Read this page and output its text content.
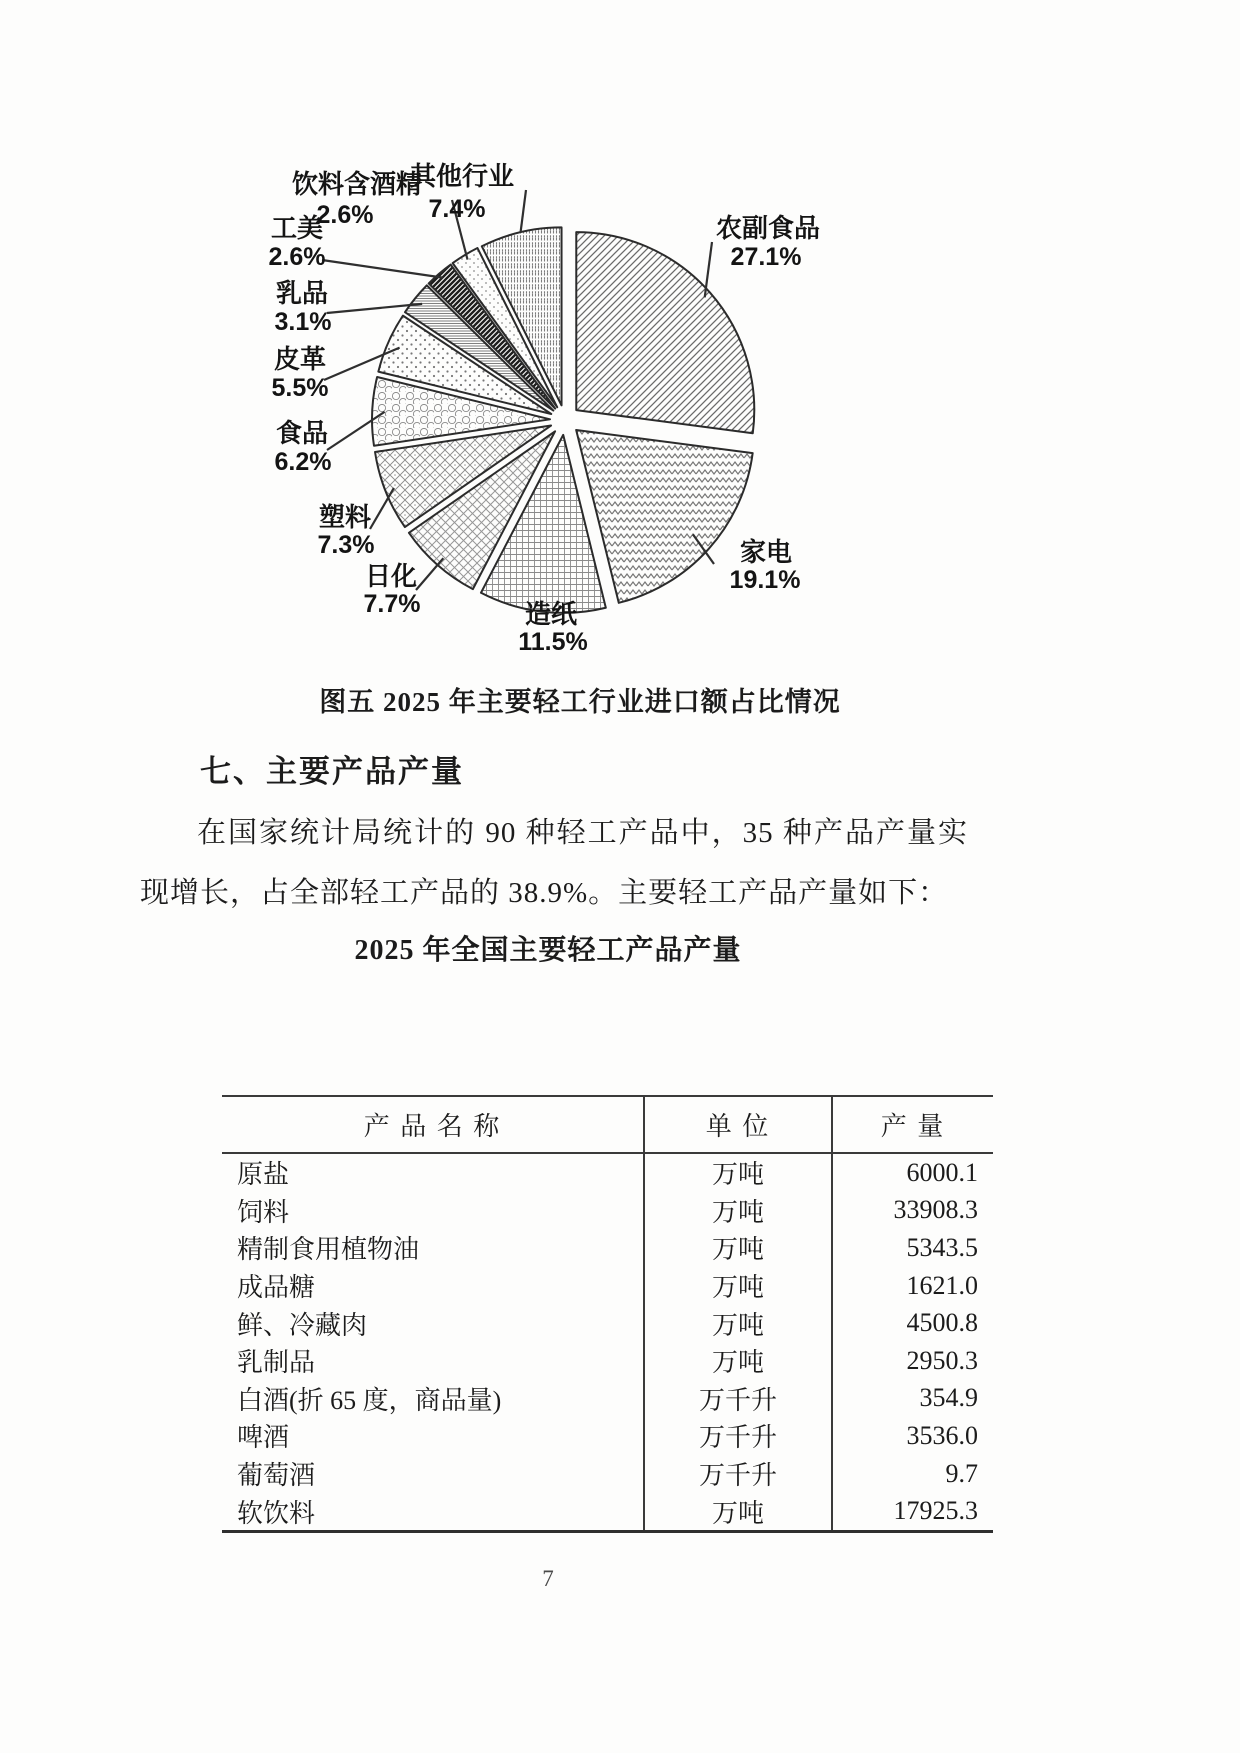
农副食品
27.1%
家电
19.1%
造纸
11.5%
日化
7.7%
塑料
7.3%
食品
6.2%
皮革
5.5%
乳品
3.1%
工美
2.6%
饮料含酒精
2.6%
其他行业
7.4%
图五 2025 年主要轻工行业进口额占比情况
七、主要产品产量
在国家统计局统计的 90 种轻工产品中，35 种产品产量实
现增长，占全部轻工产品的 38.9%。主要轻工产品产量如下：
2025 年全国主要轻工产品产量
产 品 名 称	单 位	产 量
原盐	万吨	6000.1
饲料	万吨	33908.3
精制食用植物油	万吨	5343.5
成品糖	万吨	1621.0
鲜、冷藏肉	万吨	4500.8
乳制品	万吨	2950.3
白酒(折 65 度，商品量)	万千升	354.9
啤酒	万千升	3536.0
葡萄酒	万千升	9.7
软饮料	万吨	17925.3
7
